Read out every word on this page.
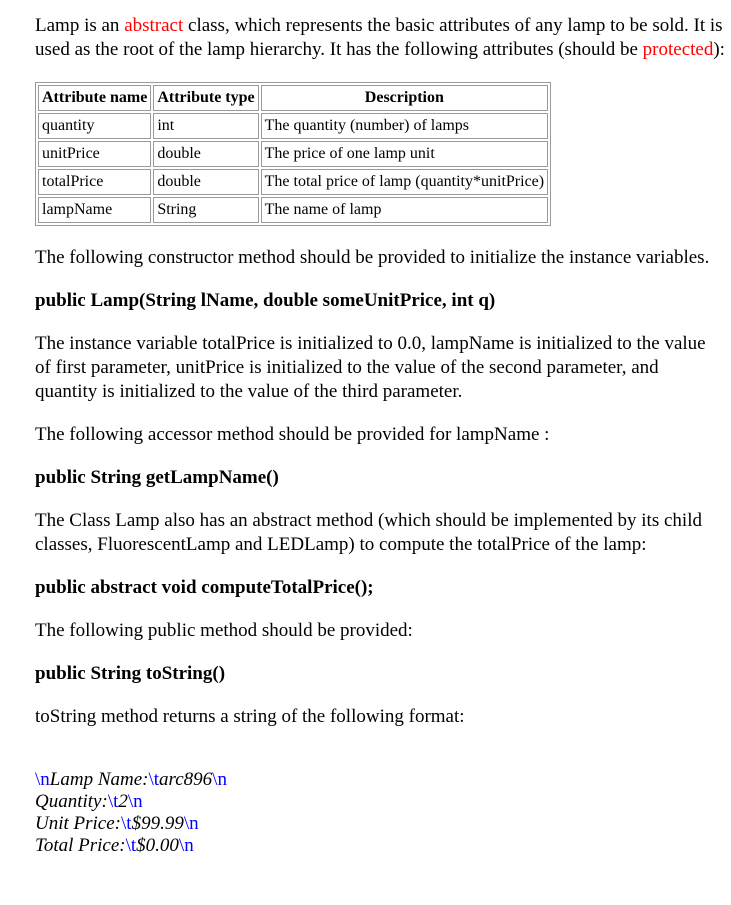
Lamp is an abstract class, which represents the basic attributes of any lamp to be sold. It is used as the root of the lamp hierarchy. It has the following attributes (should be protected):

Attribute name	Attribute type	Description
quantity	int	The quantity (number) of lamps
unitPrice	double	The price of one lamp unit
totalPrice	double	The total price of lamp (quantity*unitPrice)
lampName	String	The name of lamp

The following constructor method should be provided to initialize the instance variables.

public Lamp(String lName, double someUnitPrice, int q)

The instance variable totalPrice is initialized to 0.0, lampName is initialized to the value of first parameter, unitPrice is initialized to the value of the second parameter, and quantity is initialized to the value of the third parameter.

The following accessor method should be provided for lampName :

public String getLampName()

The Class Lamp also has an abstract method (which should be implemented by its child classes, FluorescentLamp and LEDLamp) to compute the totalPrice of the lamp:

public abstract void computeTotalPrice();

The following public method should be provided:

public String toString()

toString method returns a string of the following format:

\nLamp Name:\tarc896\n
Quantity:\t2\n
Unit Price:\t$99.99\n
Total Price:\t$0.00\n
